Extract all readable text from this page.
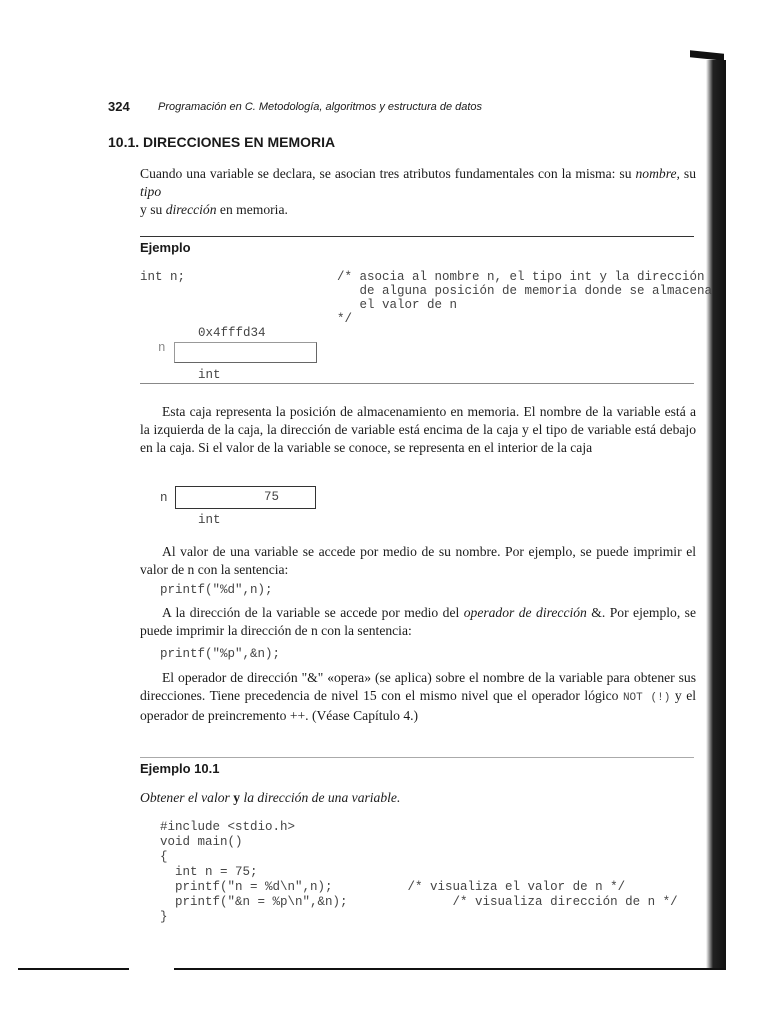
324	Programación en C. Metodología, algoritmos y estructura de datos
10.1. DIRECCIONES EN MEMORIA
Cuando una variable se declara, se asocian tres atributos fundamentales con la misma: su nombre, su tipo
y su dirección en memoria.
Ejemplo
int n;	/* asocia al nombre n, el tipo int y la dirección
de alguna posición de memoria donde se almacena
el valor de n
*/
0x4fffd34
n
int
Esta caja representa la posición de almacenamiento en memoria. El nombre de la variable está a la izquierda de la caja, la dirección de variable está encima de la caja y el tipo de variable está debajo en la caja. Si el valor de la variable se conoce, se representa en el interior de la caja
n	75
int
Al valor de una variable se accede por medio de su nombre. Por ejemplo, se puede imprimir el valor de n con la sentencia:
printf("%d",n);
A la dirección de la variable se accede por medio del operador de dirección &. Por ejemplo, se puede imprimir la dirección de n con la sentencia:
printf("%p",&n);
El operador de dirección "&" «opera» (se aplica) sobre el nombre de la variable para obtener sus direcciones. Tiene precedencia de nivel 15 con el mismo nivel que el operador lógico NOT (!) y el operador de preincremento ++. (Véase Capítulo 4.)
Ejemplo 10.1
Obtener el valor y la dirección de una variable.
#include <stdio.h>
void main()
{
int n = 75;
printf("n = %d\n",n);          /* visualiza el valor de n */
printf("&n = %p\n",&n);              /* visualiza dirección de n */
}
